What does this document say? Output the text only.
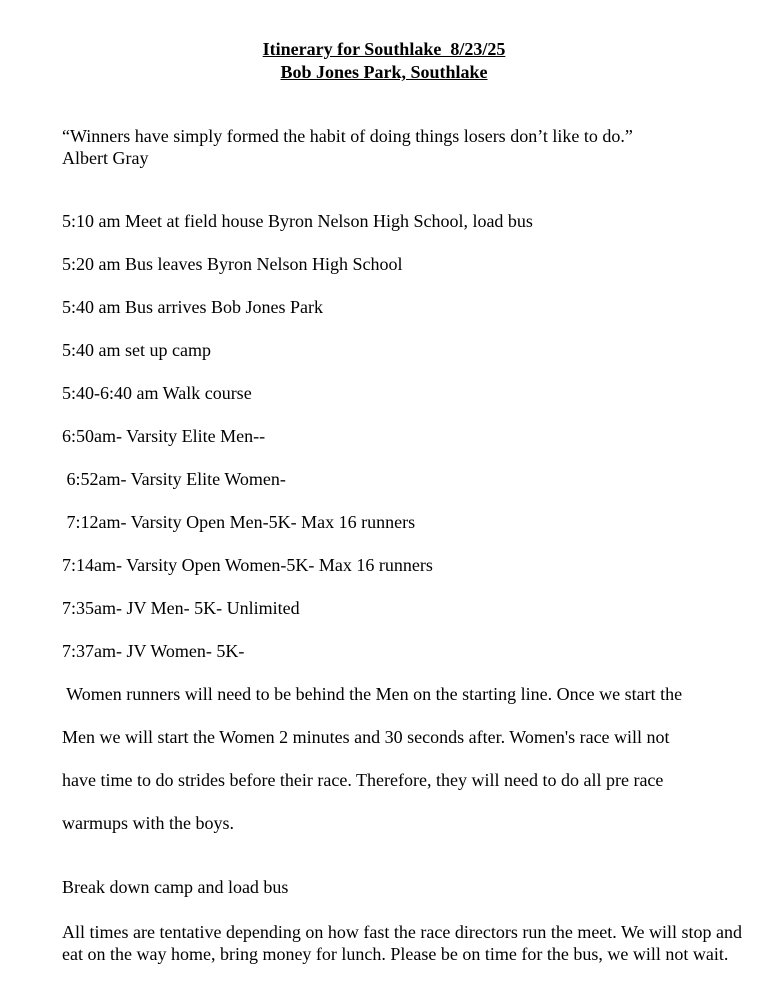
Itinerary for Southlake  8/23/25
Bob Jones Park, Southlake
“Winners have simply formed the habit of doing things losers don’t like to do.”
Albert Gray
5:10 am Meet at field house Byron Nelson High School, load bus
5:20 am Bus leaves Byron Nelson High School
5:40 am Bus arrives Bob Jones Park
5:40 am set up camp
5:40-6:40 am Walk course
6:50am- Varsity Elite Men--
6:52am- Varsity Elite Women-
7:12am- Varsity Open Men-5K- Max 16 runners
7:14am- Varsity Open Women-5K- Max 16 runners
7:35am- JV Men- 5K- Unlimited
7:37am- JV Women- 5K-
Women runners will need to be behind the Men on the starting line. Once we start the
Men we will start the Women 2 minutes and 30 seconds after. Women's race will not
have time to do strides before their race. Therefore, they will need to do all pre race
warmups with the boys.
Break down camp and load bus
All times are tentative depending on how fast the race directors run the meet. We will stop and eat on the way home, bring money for lunch. Please be on time for the bus, we will not wait.
